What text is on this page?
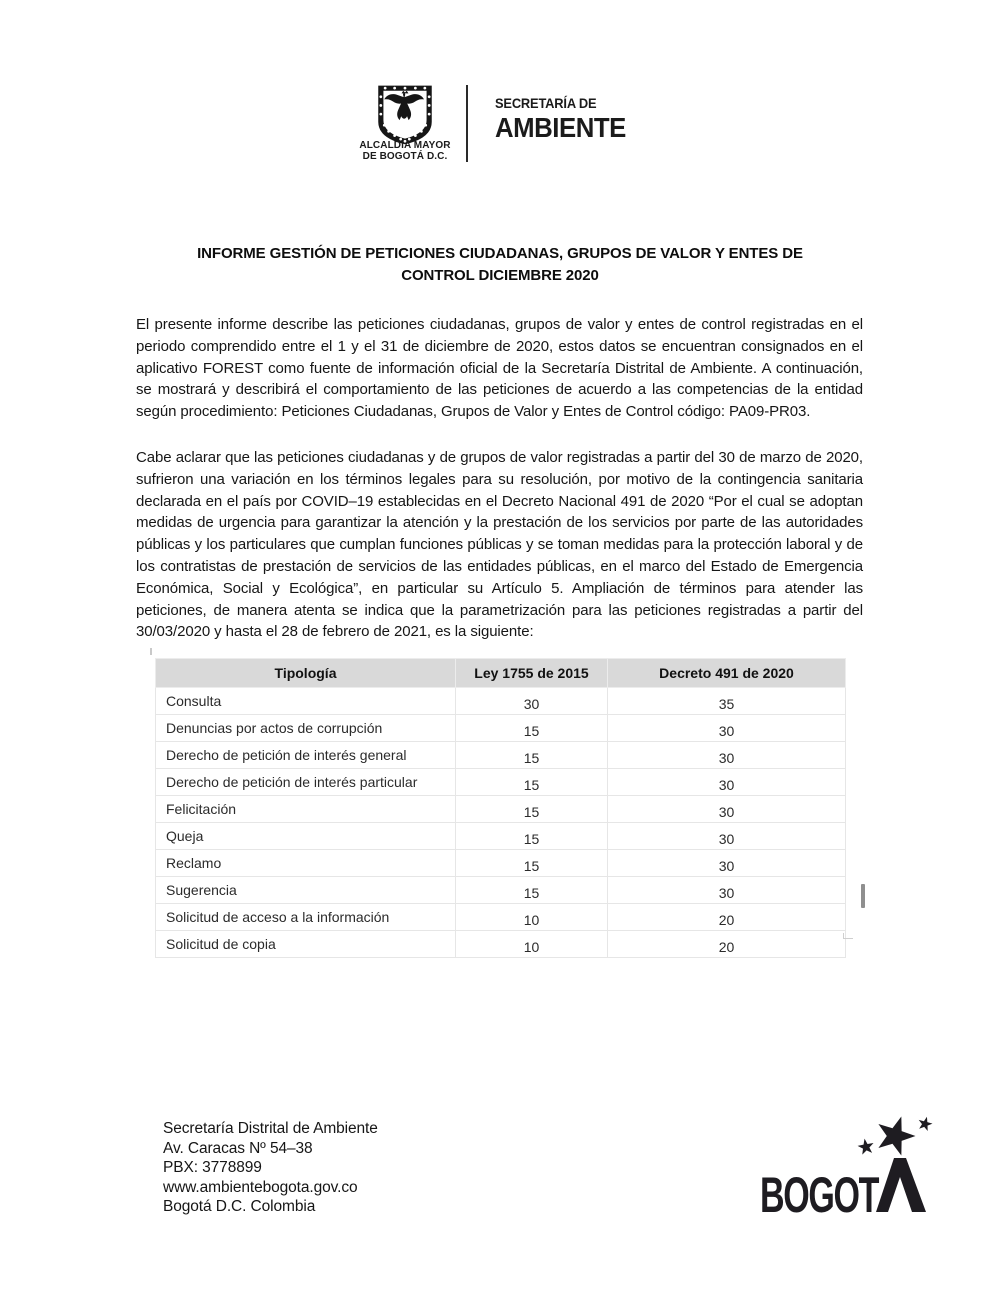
ALCALDÍA MAYOR
DE BOGOTÁ D.C.
SECRETARÍA DE
AMBIENTE
INFORME GESTIÓN DE PETICIONES CIUDADANAS, GRUPOS DE VALOR Y ENTES DE
CONTROL DICIEMBRE 2020
El presente informe describe las peticiones ciudadanas, grupos de valor y entes de control registradas en el periodo comprendido entre el 1 y el 31 de diciembre de 2020, estos datos se encuentran consignados en el aplicativo FOREST como fuente de información oficial de la Secretaría Distrital de Ambiente. A continuación, se mostrará y describirá el comportamiento de las peticiones de acuerdo a las competencias de la entidad según procedimiento: Peticiones Ciudadanas, Grupos de Valor y Entes de Control código: PA09-PR03.
Cabe aclarar que las peticiones ciudadanas y de grupos de valor registradas a partir del 30 de marzo de 2020, sufrieron una variación en los términos legales para su resolución, por motivo de la contingencia sanitaria declarada en el país por COVID–19 establecidas en el Decreto Nacional 491 de 2020 “Por el cual se adoptan medidas de urgencia para garantizar la atención y la prestación de los servicios por parte de las autoridades públicas y los particulares que cumplan funciones públicas y se toman medidas para la protección laboral y de los contratistas de prestación de servicios de las entidades públicas, en el marco del Estado de Emergencia Económica, Social y Ecológica”, en particular su Artículo 5. Ampliación de términos para atender las peticiones, de manera atenta se indica que la parametrización para las peticiones registradas a partir del 30/03/2020 y hasta el 28 de febrero de 2021, es la siguiente:
Tipología	Ley 1755 de 2015	Decreto 491 de 2020
Consulta	30	35
Denuncias por actos de corrupción	15	30
Derecho de petición de interés general	15	30
Derecho de petición de interés particular	15	30
Felicitación	15	30
Queja	15	30
Reclamo	15	30
Sugerencia	15	30
Solicitud de acceso a la información	10	20
Solicitud de copia	10	20
Secretaría Distrital de Ambiente
Av. Caracas Nº 54–38
PBX: 3778899
www.ambientebogota.gov.co
Bogotá D.C. Colombia	BOGOT
